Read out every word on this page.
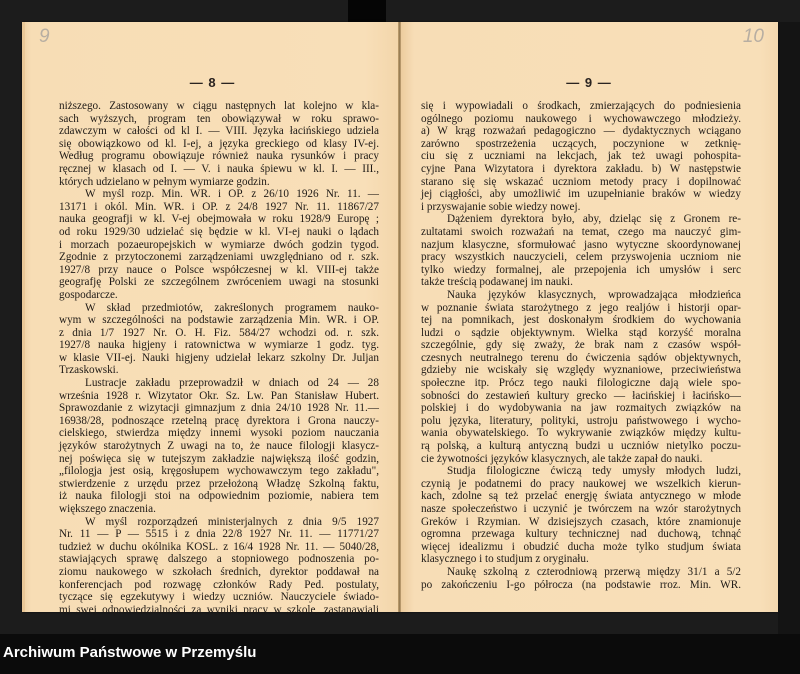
9
— 8 —
niższego. Zastosowany w ciągu następnych lat kolejno w kla-
sach wyższych, program ten obowiązywał w roku sprawo-
zdawczym w całości od kl I. — VIII. Języka łacińskiego udziela
się obowiązkowo od kl. I-ej, a języka greckiego od klasy IV-ej.
Według programu obowiązuje również nauka rysunków i pracy
ręcznej w klasach od I. — V. i nauka śpiewu w kl. I. — III.,
których udzielano w pełnym wymiarze godzin.
W myśl rozp. Min. WR. i OP. z 26/10 1926 Nr. 11. —
13171 i okól. Min. WR. i OP. z 24/8 1927 Nr. 11. 11867/27
nauka geografji w kl. V-ej obejmowała w roku 1928/9 Europę ;
od roku 1929/30 udzielać się będzie w kl. VI-ej nauki o lądach
i morzach pozaeuropejskich w wymiarze dwóch godzin tygod.
Zgodnie z przytoczonemi zarządzeniami uwzględniano od r. szk.
1927/8 przy nauce o Polsce współczesnej w kl. VIII-ej także
geografję Polski ze szczególnem zwróceniem uwagi na stosunki
gospodarcze.
W skład przedmiotów, zakreślonych programem nauko-
wym w szczególności na podstawie zarządzenia Min. WR. i OP.
z dnia 1/7 1927 Nr. O. H. Fiz. 584/27 wchodzi od. r. szk.
1927/8 nauka higjeny i ratownictwa w wymiarze 1 godz. tyg.
w klasie VII-ej. Nauki higjeny udzielał lekarz szkolny Dr. Juljan
Trzaskowski.
Lustracje zakładu przeprowadził w dniach od 24 — 28
września 1928 r. Wizytator Okr. Sz. Lw. Pan Stanisław Hubert.
Sprawozdanie z wizytacji gimnazjum z dnia 24/10 1928 Nr. 11.—
16938/28, podnoszące rzetelną pracę dyrektora i Grona nauczy-
cielskiego, stwierdza między innemi wysoki poziom nauczania
języków starożytnych Z uwagi na to, że nauce filologji klasycz-
nej poświęca się w tutejszym zakładzie największą ilość godzin,
„filologja jest osią, kręgosłupem wychowawczym tego zakładu",
stwierdzenie z urzędu przez przełożoną Władzę Szkolną faktu,
iż nauka filologji stoi na odpowiednim poziomie, nabiera tem
większego znaczenia.
W myśl rozporządzeń ministerjalnych z dnia 9/5 1927
Nr. 11 — P — 5515 i z dnia 22/8 1927 Nr. 11. — 11771/27
tudzież w duchu okólnika KOSL. z 16/4 1928 Nr. 11. — 5040/28,
stawiających sprawę dalszego a stopniowego podnoszenia po-
ziomu naukowego w szkołach średnich, dyrektor poddawał na
konferencjach pod rozwagę członków Rady Ped. postulaty,
tyczące się egzekutywy i wiedzy uczniów. Nauczyciele świado-
mi swej odpowiedzialności za wyniki pracy w szkole, zastanawiali
10
— 9 —
się i wypowiadali o środkach, zmierzających do podniesienia
ogólnego poziomu naukowego i wychowawczego młodzieży.
a) W krąg rozważań pedagogiczno — dydaktycznych wciągano
zarówno spostrzeżenia uczących, poczynione w zetknię-
ciu się z uczniami na lekcjach, jak też uwagi pohospita-
cyjne Pana Wizytatora i dyrektora zakładu. b) W następstwie
starano się się wskazać uczniom metody pracy i dopilnować
jej ciągłości, aby umożliwić im uzupełnianie braków w wiedzy
i przyswajanie sobie wiedzy nowej.
Dążeniem dyrektora było, aby, dzieląc się z Gronem re-
zultatami swoich rozważań na temat, czego ma nauczyć gim-
nazjum klasyczne, sformułować jasno wytyczne skoordynowanej
pracy wszystkich nauczycieli, celem przyswojenia uczniom nie
tylko wiedzy formalnej, ale przepojenia ich umysłów i serc
także treścią podawanej im nauki.
Nauka języków klasycznych, wprowadzająca młodzieńca
w poznanie świata starożytnego z jego realjów i historji opar-
tej na pomnikach, jest doskonałym środkiem do wychowania
ludzi o sądzie objektywnym. Wielka stąd korzyść moralna
szczególnie, gdy się zważy, że brak nam z czasów współ-
czesnych neutralnego terenu do ćwiczenia sądów objektywnych,
gdzieby nie wciskały się względy wyznaniowe, przeciwieństwa
społeczne itp. Prócz tego nauki filologiczne dają wiele spo-
sobności do zestawień kultury grecko — łacińskiej i łacińsko—
polskiej i do wydobywania na jaw rozmaitych związków na
polu języka, literatury, polityki, ustroju państwowego i wycho-
wania obywatelskiego. To wykrywanie związków między kultu-
rą polską, a kulturą antyczną budzi u uczniów nietylko poczu-
cie żywotności języków klasycznych, ale także zapał do nauki.
Studja filologiczne ćwiczą tedy umysły młodych ludzi,
czynią je podatnemi do pracy naukowej we wszelkich kierun-
kach, zdolne są też przelać energję świata antycznego w młode
nasze społeczeństwo i uczynić je twórczem na wzór starożytnych
Greków i Rzymian. W dzisiejszych czasach, które znamionuje
ogromna przewaga kultury technicznej nad duchową, tchnąć
więcej idealizmu i obudzić ducha może tylko studjum świata
klasycznego i to studjum z oryginału.
Naukę szkolną z czterodniową przerwą między 31/1 a 5/2
po zakończeniu I-go półrocza (na podstawie rroz. Min. WR.
Archiwum Państwowe w Przemyślu
